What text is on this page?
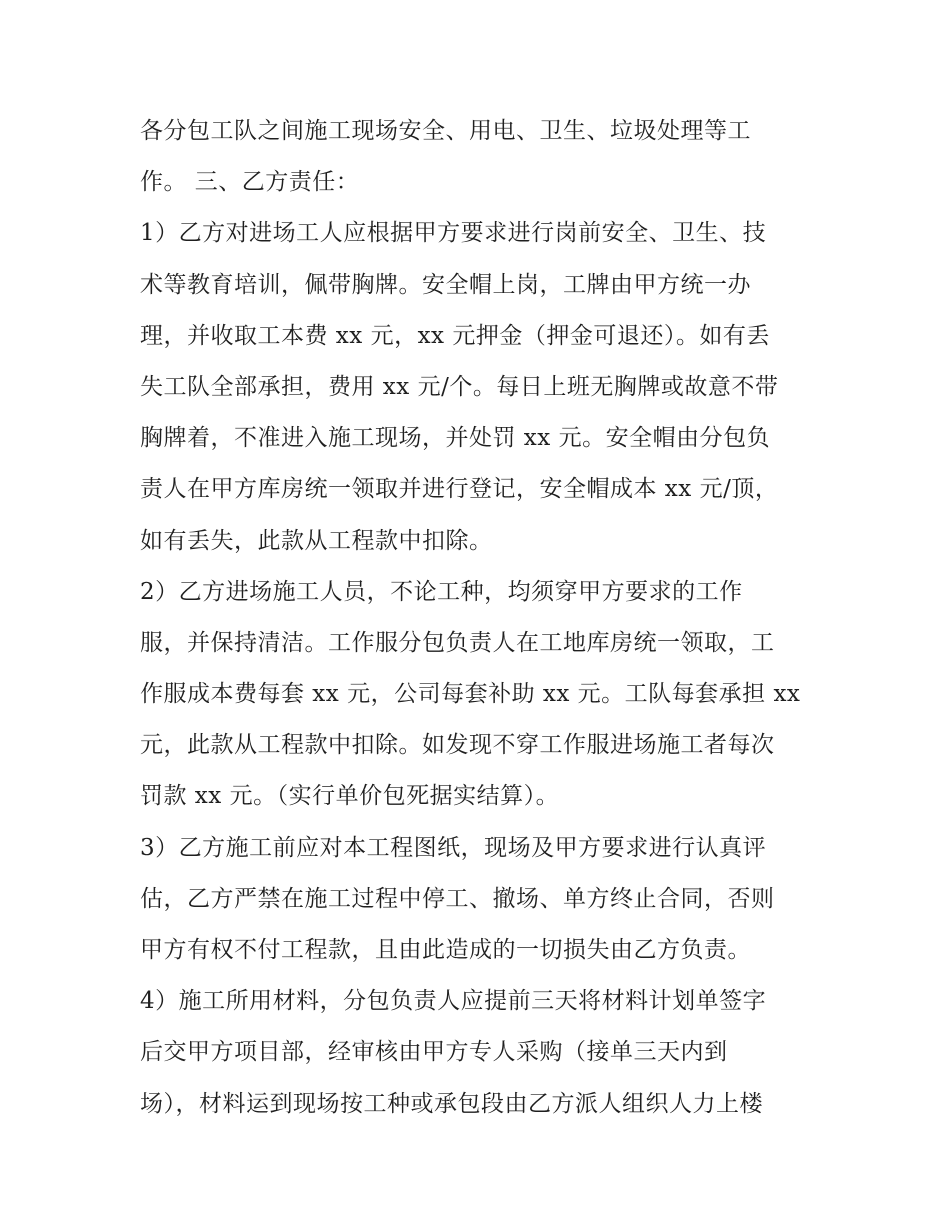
各分包工队之间施工现场安全、用电、卫生、垃圾处理等工
作。 三、乙方责任：
1）乙方对进场工人应根据甲方要求进行岗前安全、卫生、技
术等教育培训，佩带胸牌。安全帽上岗，工牌由甲方统一办
理，并收取工本费 xx 元，xx 元押金（押金可退还）。如有丢
失工队全部承担，费用 xx 元/个。每日上班无胸牌或故意不带
胸牌着，不准进入施工现场，并处罚 xx 元。安全帽由分包负
责人在甲方库房统一领取并进行登记，安全帽成本 xx 元/顶，
如有丢失，此款从工程款中扣除。
2）乙方进场施工人员，不论工种，均须穿甲方要求的工作
服，并保持清洁。工作服分包负责人在工地库房统一领取，工
作服成本费每套 xx 元，公司每套补助 xx 元。工队每套承担 xx
元，此款从工程款中扣除。如发现不穿工作服进场施工者每次
罚款 xx 元。（实行单价包死据实结算）。
3）乙方施工前应对本工程图纸，现场及甲方要求进行认真评
估，乙方严禁在施工过程中停工、撤场、单方终止合同，否则
甲方有权不付工程款，且由此造成的一切损失由乙方负责。
4）施工所用材料，分包负责人应提前三天将材料计划单签字
后交甲方项目部，经审核由甲方专人采购（接单三天内到
场），材料运到现场按工种或承包段由乙方派人组织人力上楼
